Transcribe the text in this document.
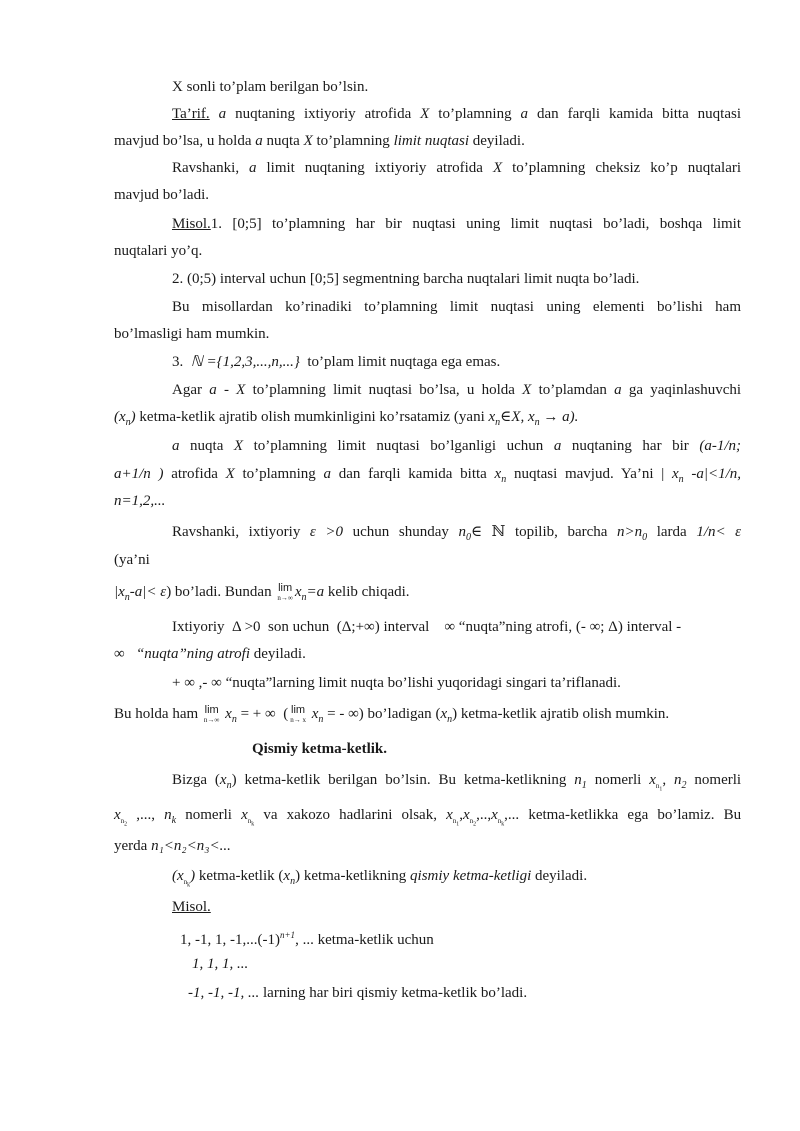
X sonli to’plam berilgan bo’lsin.
Ta’rif. a nuqtaning ixtiyoriy atrofida X to’plamning a dan farqli kamida bitta nuqtasi
mavjud bo’lsa, u holda a nuqta X to’plamning limit nuqtasi deyiladi.
Ravshanki, a limit nuqtaning ixtiyoriy atrofida X to’plamning cheksiz ko’p nuqtalari
mavjud bo’ladi.
Misol.1. [0;5] to’plamning har bir nuqtasi uning limit nuqtasi bo’ladi, boshqa limit
nuqtalari yo’q.
2. (0;5) interval uchun [0;5] segmentning barcha nuqtalari limit nuqta bo’ladi.
Bu misollardan ko’rinadiki to’plamning limit nuqtasi uning elementi bo’lishi ham
bo’lmasligi ham mumkin.
3. ℕ ={1,2,3,...,n,...} to’plam limit nuqtaga ega emas.
Agar a - X to’plamning limit nuqtasi bo’lsa, u holda X to’plamdan a ga yaqinlashuvchi
$(x_n)$ ketma-ketlik ajratib olish mumkinligini ko’rsatamiz (yani $x_n\in X$, $x_n \to a$).
a nuqta X to’plamning limit nuqtasi bo’lganligi uchun a nuqtaning har bir (a-1/n;
a+1/n ) atrofida X to’plamning a dan farqli kamida bitta $x_n$ nuqtasi mavjud. Ya’ni | $x_n$ -a|<1/n,
n=1,2,...
Ravshanki, ixtiyoriy ε >0 uchun shunday $n_0\in$ ℕ topilib, barcha $n>n_0$ larda 1/n< ε
(ya’ni
$|x_n-a|< \varepsilon$) bo’ladi. Bundan lim
n→∞ $x_n=a$ kelib chiqadi.
Ixtiyoriy Δ >0 son uchun (Δ;+∞) interval ∞ “nuqta”ning atrofi, (- ∞; Δ) interval -
∞ “nuqta”ning atrofi deyiladi.
+ ∞ ,- ∞ “nuqta”larning limit nuqta bo’lishi yuqoridagi singari ta’riflanadi.
Bu holda ham lim
n→∞ $x_n$ = + ∞ ( lim
n→ x $x_n$ = - ∞) bo’ladigan $(x_n)$ ketma-ketlik ajratib olish mumkin.
Qismiy ketma-ketlik.
Bizga $(x_n)$ ketma-ketlik berilgan bo’lsin. Bu ketma-ketlikning $n_1$ nomerli $x_{n_1}$, $n_2$ nomerli
$x_{n_2}$ ,..., $n_k$ nomerli $x_{n_k}$ va xakozo hadlarini olsak, $x_{n_1},x_{n_2},..,x_{n_k}$,... ketma-ketlikka ega bo’lamiz. Bu
yerda n₁<n₂<n₃<...
$(x_{n_k})$ ketma-ketlik $(x_n)$ ketma-ketlikning qismiy ketma-ketligi deyiladi.
Misol.
1, -1, 1, $-1,...(-1)^{n+1}$, ... ketma-ketlik uchun
1, 1, 1, ...
-1, -1, -1, ... larning har biri qismiy ketma-ketlik bo’ladi.
